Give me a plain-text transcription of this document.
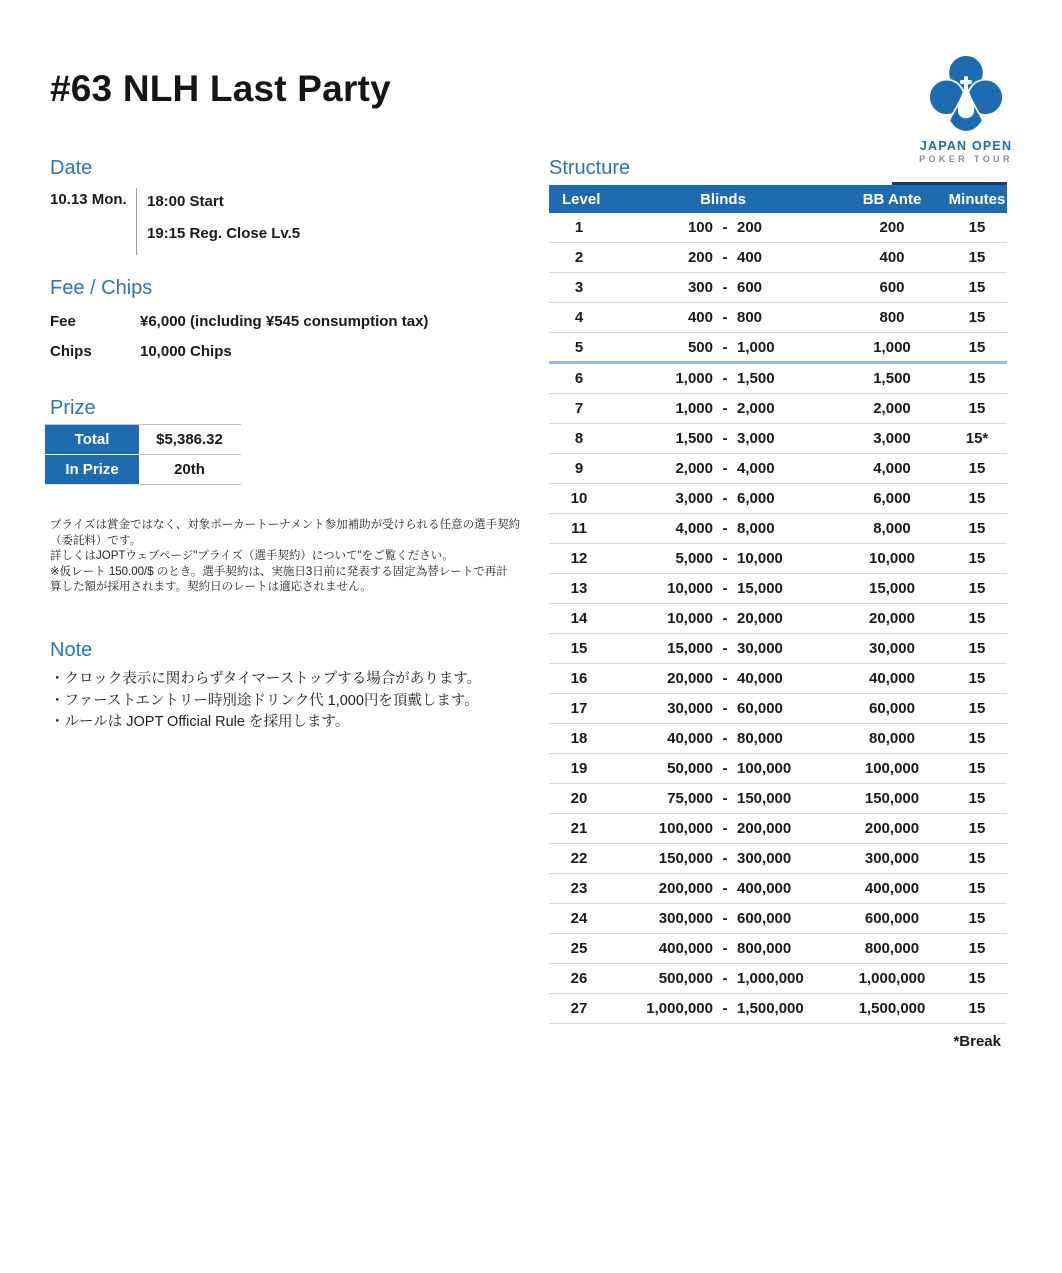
#63 NLH Last Party
JAPAN OPEN
POKER TOUR
Date
10.13 Mon.	18:00 Start
19:15 Reg. Close Lv.5
Fee / Chips
Fee	¥6,000 (including ¥545 consumption tax)
Chips	10,000 Chips
Prize
Total	$5,386.32
In Prize	20th
プライズは賞金ではなく、対象ポーカートーナメント参加補助が受けられる任意の選手契約
（委託料）です。
詳しくはJOPTウェブページ"プライズ（選手契約）について"をご覧ください。
※仮レート 150.00/$ のとき。選手契約は、実施日3日前に発表する固定為替レートで再計
算した額が採用されます。契約日のレートは適応されません。
Note
・クロック表示に関わらずタイマーストップする場合があります。
・ファーストエントリー時別途ドリンク代 1,000円を頂戴します。
・ルールは JOPT Official Rule を採用します。
Structure
Level	Blinds	BB Ante	Minutes
1	100 - 200	200	15
2	200 - 400	400	15
3	300 - 600	600	15
4	400 - 800	800	15
5	500 - 1,000	1,000	15
6	1,000 - 1,500	1,500	15
7	1,000 - 2,000	2,000	15
8	1,500 - 3,000	3,000	15*
9	2,000 - 4,000	4,000	15
10	3,000 - 6,000	6,000	15
11	4,000 - 8,000	8,000	15
12	5,000 - 10,000	10,000	15
13	10,000 - 15,000	15,000	15
14	10,000 - 20,000	20,000	15
15	15,000 - 30,000	30,000	15
16	20,000 - 40,000	40,000	15
17	30,000 - 60,000	60,000	15
18	40,000 - 80,000	80,000	15
19	50,000 - 100,000	100,000	15
20	75,000 - 150,000	150,000	15
21	100,000 - 200,000	200,000	15
22	150,000 - 300,000	300,000	15
23	200,000 - 400,000	400,000	15
24	300,000 - 600,000	600,000	15
25	400,000 - 800,000	800,000	15
26	500,000 - 1,000,000	1,000,000	15
27	1,000,000 - 1,500,000	1,500,000	15
*Break
